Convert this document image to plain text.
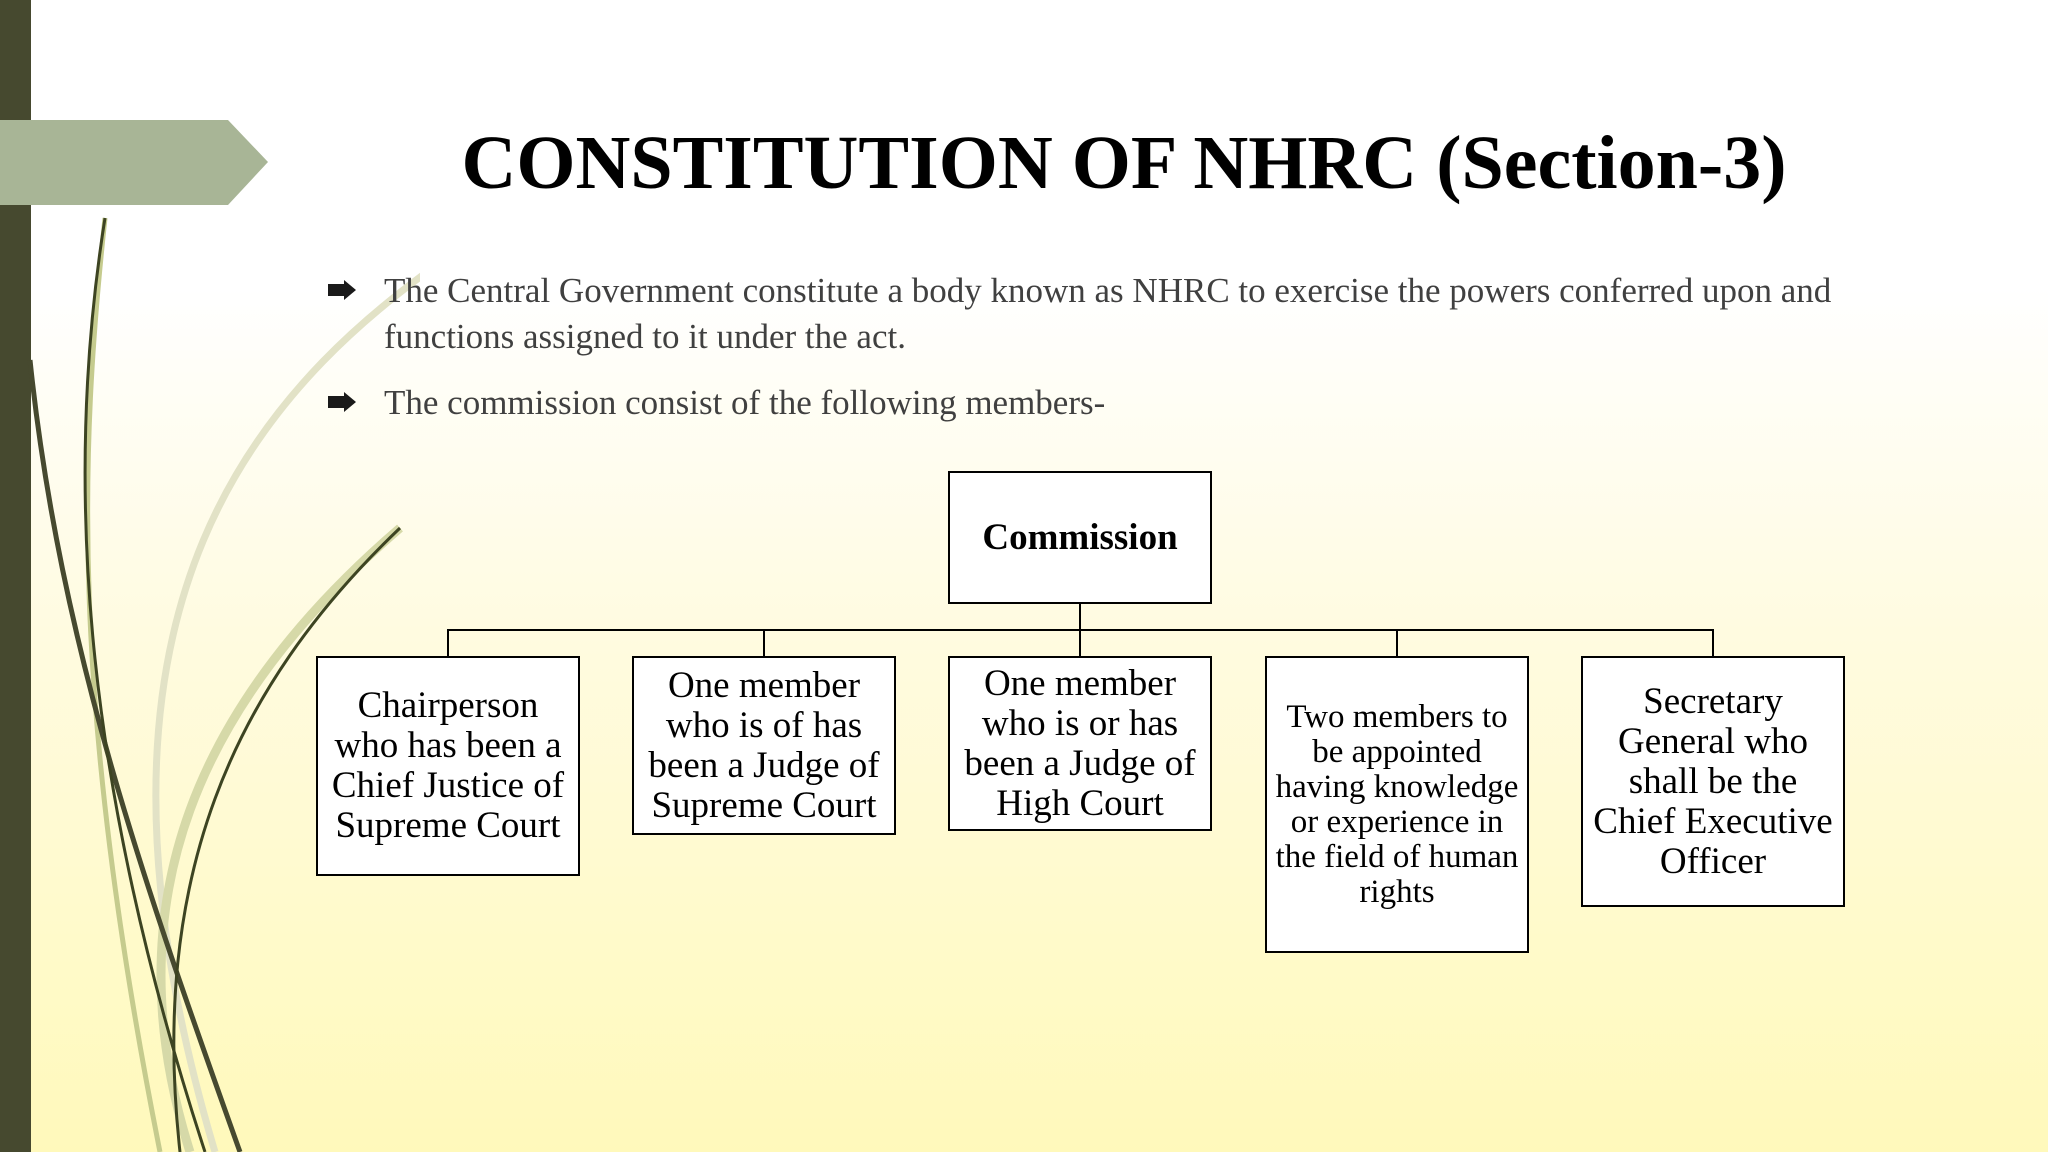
CONSTITUTION OF NHRC (Section-3)
The Central Government constitute a body known as NHRC to exercise the powers conferred upon and functions assigned to it under the act.
The commission consist of the following members-
Commission
Chairperson who has been a Chief Justice of Supreme Court
One member who is of has been a Judge of Supreme Court
One member who is or has been a Judge of High Court
Two members to be appointed having knowledge or experience in the field of human rights
Secretary General who shall be the Chief Executive Officer
